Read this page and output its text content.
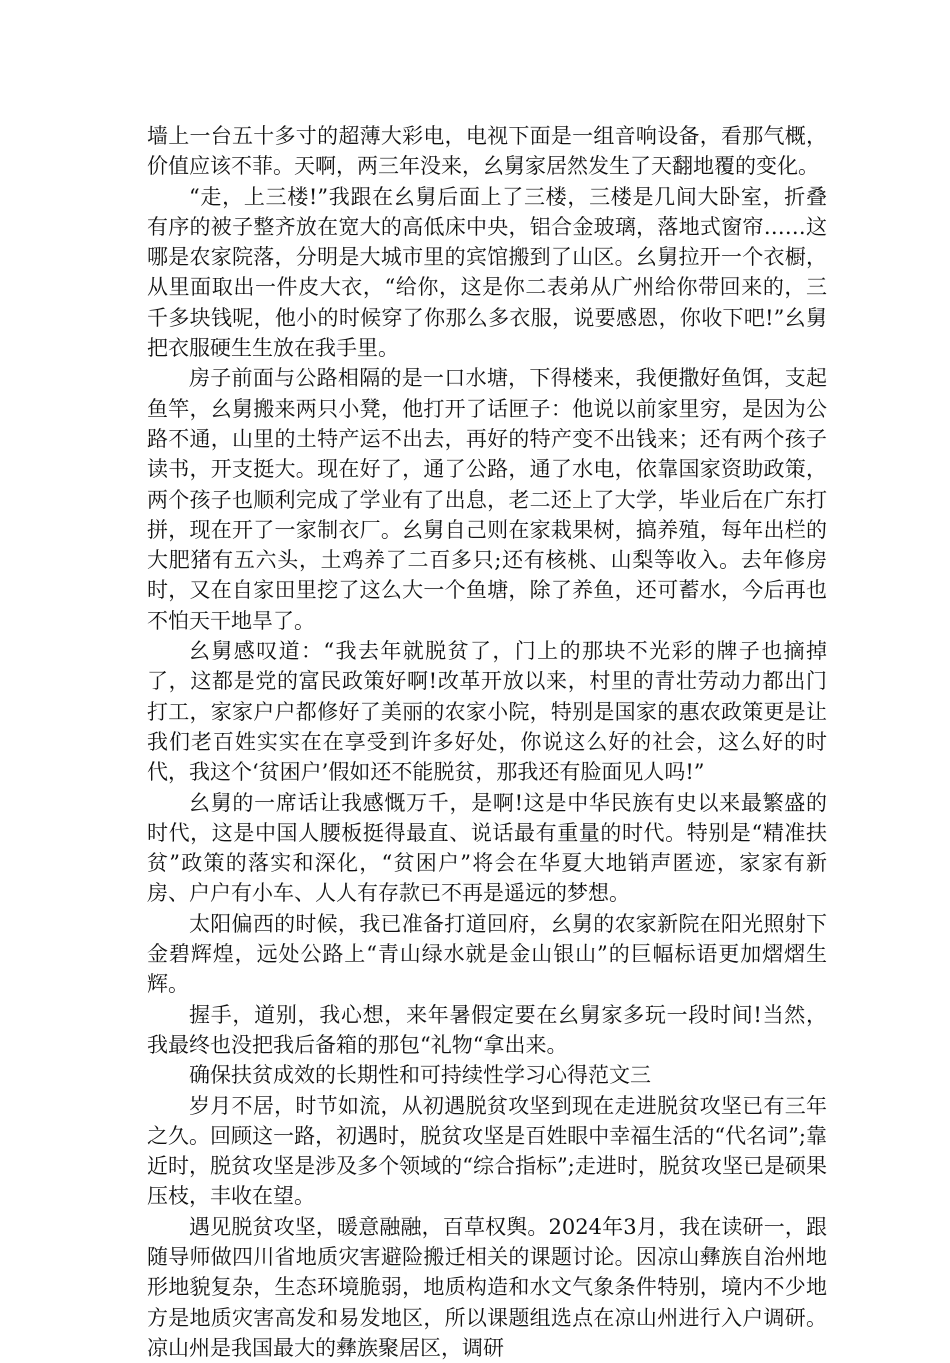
墙上一台五十多寸的超薄大彩电，电视下面是一组音响设备，看那气概，价值应该不菲。天啊，两三年没来，幺舅家居然发生了天翻地覆的变化。

“走，上三楼!”我跟在幺舅后面上了三楼，三楼是几间大卧室，折叠有序的被子整齐放在宽大的高低床中央，铝合金玻璃，落地式窗帘……这哪是农家院落，分明是大城市里的宾馆搬到了山区。幺舅拉开一个衣橱，从里面取出一件皮大衣，“给你，这是你二表弟从广州给你带回来的，三千多块钱呢，他小的时候穿了你那么多衣服，说要感恩，你收下吧!”幺舅把衣服硬生生放在我手里。

房子前面与公路相隔的是一口水塘，下得楼来，我便撒好鱼饵，支起鱼竿，幺舅搬来两只小凳，他打开了话匣子：他说以前家里穷，是因为公路不通，山里的土特产运不出去，再好的特产变不出钱来；还有两个孩子读书，开支挺大。现在好了，通了公路，通了水电，依靠国家资助政策，两个孩子也顺利完成了学业有了出息，老二还上了大学，毕业后在广东打拼，现在开了一家制衣厂。幺舅自己则在家栽果树，搞养殖，每年出栏的大肥猪有五六头，土鸡养了二百多只;还有核桃、山梨等收入。去年修房时，又在自家田里挖了这么大一个鱼塘，除了养鱼，还可蓄水，今后再也不怕天干地旱了。

幺舅感叹道：“我去年就脱贫了，门上的那块不光彩的牌子也摘掉了，这都是党的富民政策好啊!改革开放以来，村里的青壮劳动力都出门打工，家家户户都修好了美丽的农家小院，特别是国家的惠农政策更是让我们老百姓实实在在享受到许多好处，你说这么好的社会，这么好的时代，我这个‘贫困户’假如还不能脱贫，那我还有脸面见人吗!”

幺舅的一席话让我感慨万千，是啊!这是中华民族有史以来最繁盛的时代，这是中国人腰板挺得最直、说话最有重量的时代。特别是“精准扶贫”政策的落实和深化，“贫困户”将会在华夏大地销声匿迹，家家有新房、户户有小车、人人有存款已不再是遥远的梦想。

太阳偏西的时候，我已准备打道回府，幺舅的农家新院在阳光照射下金碧辉煌，远处公路上“青山绿水就是金山银山”的巨幅标语更加熠熠生辉。

握手，道别，我心想，来年暑假定要在幺舅家多玩一段时间!当然，我最终也没把我后备箱的那包“礼物“拿出来。

确保扶贫成效的长期性和可持续性学习心得范文三

岁月不居，时节如流，从初遇脱贫攻坚到现在走进脱贫攻坚已有三年之久。回顾这一路，初遇时，脱贫攻坚是百姓眼中幸福生活的“代名词”;靠近时，脱贫攻坚是涉及多个领域的“综合指标”;走进时，脱贫攻坚已是硕果压枝，丰收在望。

遇见脱贫攻坚，暖意融融，百草权舆。2024年3月，我在读研一，跟随导师做四川省地质灾害避险搬迁相关的课题讨论。因凉山彝族自治州地形地貌复杂，生态环境脆弱，地质构造和水文气象条件特别，境内不少地方是地质灾害高发和易发地区，所以课题组选点在凉山州进行入户调研。凉山州是我国最大的彝族聚居区，调研
